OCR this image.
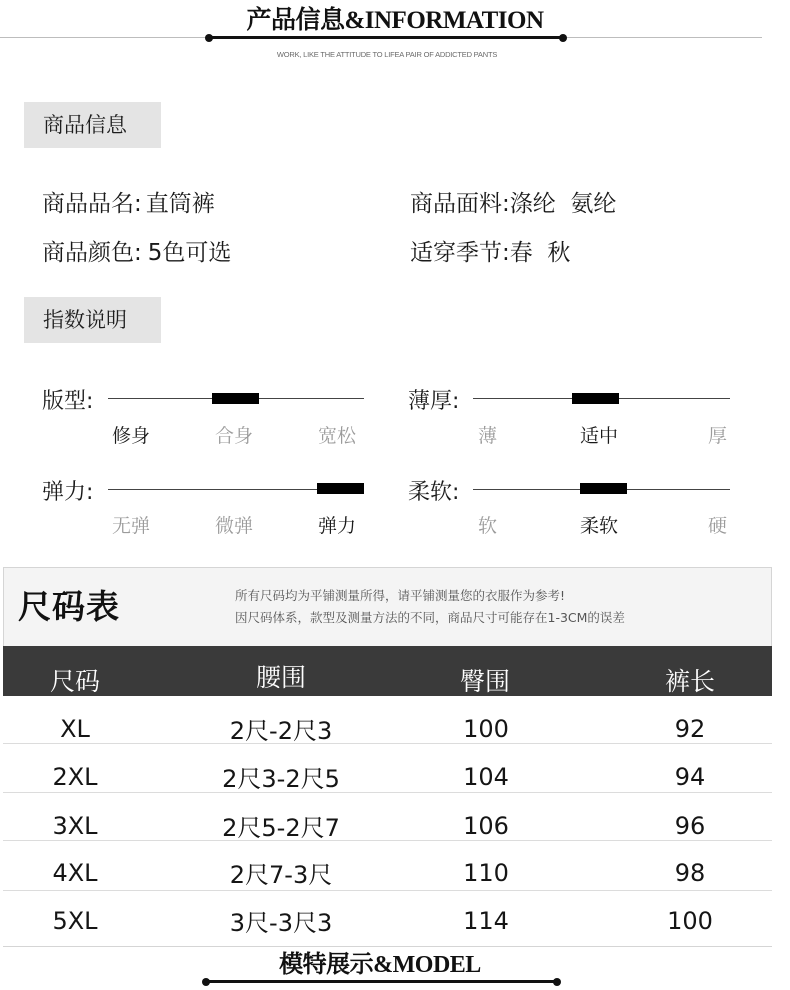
产品信息&INFORMATION
WORK, LIKE THE ATTITUDE TO LIFEA PAIR OF ADDICTED PANTS
商品信息
商品品名: 直筒裤	商品面料:涤纶  氨纶
商品颜色: 5色可选	适穿季节:春  秋
指数说明
版型:
修身	合身	宽松
薄厚:
薄	适中	厚
弹力:
无弹	微弹	弹力
柔软:
软	柔软	硬
尺码表	所有尺码均为平铺测量所得，请平铺测量您的衣服作为参考!
因尺码体系，款型及测量方法的不同，商品尺寸可能存在1-3CM的误差
尺码	腰围	臀围	裤长
XL	2尺-2尺3	100	92
2XL	2尺3-2尺5	104	94
3XL	2尺5-2尺7	106	96
4XL	2尺7-3尺	110	98
5XL	3尺-3尺3	114	100
模特展示&MODEL
